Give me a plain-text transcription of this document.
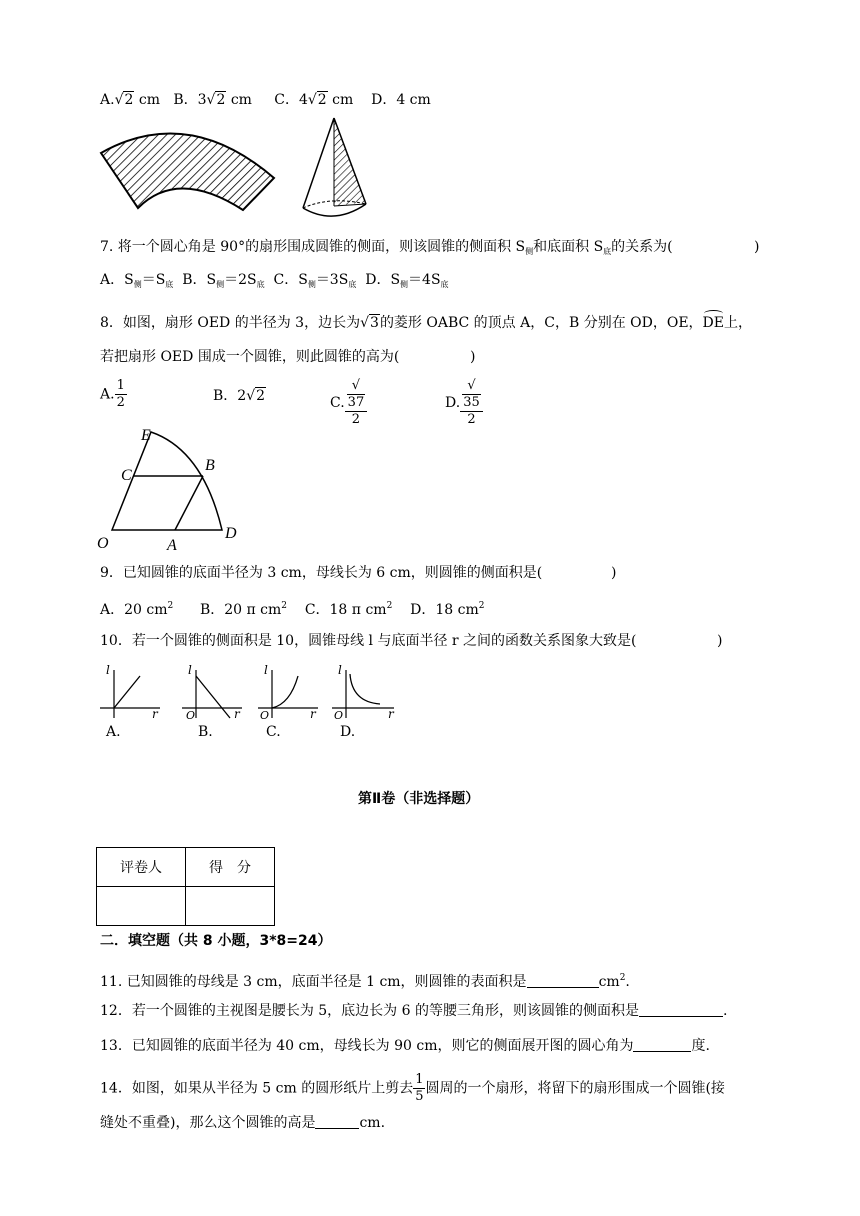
A.√2 cm B．3√2 cm C．4√2 cm D．4 cm
7. 将一个圆心角是 90°的扇形围成圆锥的侧面，则该圆锥的侧面积 $S_侧$和底面积 $S_底$的关系为(	)
A．$S_侧=S_底$ B．$S_侧=2S_底$ C．$S_侧=3S_底$ D．$S_侧=4S_底$
8．如图，扇形 OED 的半径为 3，边长为√3的菱形 OABC 的顶点 A，C，B 分别在 OD，OE，DE上，
若把扇形 OED 围成一个圆锥，则此圆锥的高为(	)
A. $\frac{1}{2}$	B．2√2	C. √
37
2	D. √
35
2
E
C
B
O	A
D
9．已知圆锥的底面半径为 3 cm，母线长为 6 cm，则圆锥的侧面积是(	)
A．20 $cm^2$ B．20 π $cm^2$ C．18 π $cm^2$ D．18 $cm^2$
10．若一个圆锥的侧面积是 10，圆锥母线 l 与底面半径 r 之间的函数关系图象大致是(	)
l
r
A.
l
r
O
B.
l
r
O
C.
l
r
O
D.
第Ⅱ卷（非选择题）
评卷人	得　分

二．填空题（共 8 小题，3*8=24）
11. 已知圆锥的母线是 3 cm，底面半径是 1 cm，则圆锥的表面积是	$cm^2$.
12．若一个圆锥的主视图是腰长为 5，底边长为 6 的等腰三角形，则该圆锥的侧面积是	.
13．已知圆锥的底面半径为 40 cm，母线长为 90 cm，则它的侧面展开图的圆心角为	度.
14．如图，如果从半径为 5 cm 的圆形纸片上剪去 $\frac{1}{5}$ 圆周的一个扇形，将留下的扇形围成一个圆锥(接
缝处不重叠)，那么这个圆锥的高是	cm.
